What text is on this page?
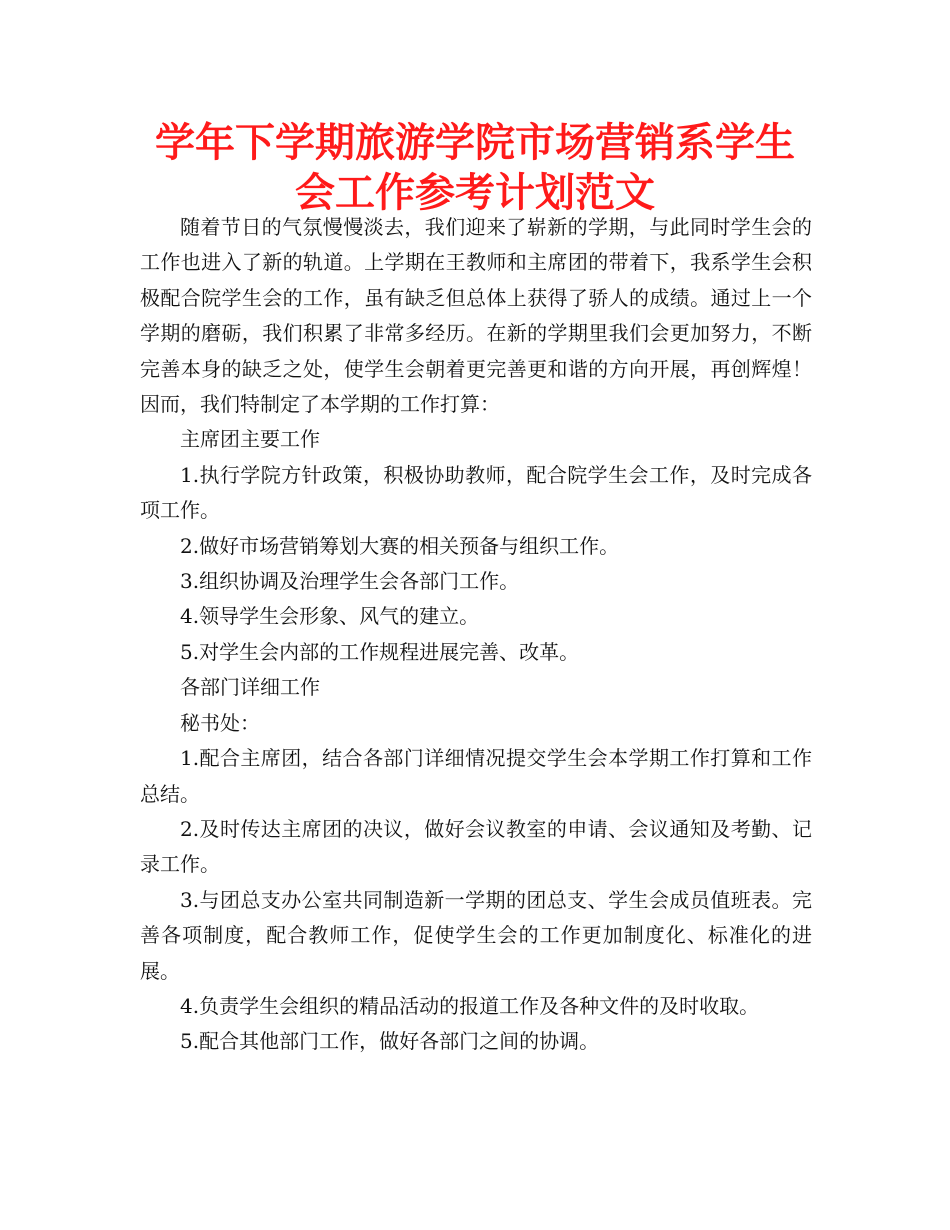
学年下学期旅游学院市场营销系学生会工作参考计划范文

随着节日的气氛慢慢淡去，我们迎来了崭新的学期，与此同时学生会的工作也进入了新的轨道。上学期在王教师和主席团的带着下，我系学生会积极配合院学生会的工作，虽有缺乏但总体上获得了骄人的成绩。通过上一个学期的磨砺，我们积累了非常多经历。在新的学期里我们会更加努力，不断完善本身的缺乏之处，使学生会朝着更完善更和谐的方向开展，再创辉煌！因而，我们特制定了本学期的工作打算：

主席团主要工作

1.执行学院方针政策，积极协助教师，配合院学生会工作，及时完成各项工作。

2.做好市场营销筹划大赛的相关预备与组织工作。

3.组织协调及治理学生会各部门工作。

4.领导学生会形象、风气的建立。

5.对学生会内部的工作规程进展完善、改革。

各部门详细工作

秘书处：

1.配合主席团，结合各部门详细情况提交学生会本学期工作打算和工作总结。

2.及时传达主席团的决议，做好会议教室的申请、会议通知及考勤、记录工作。

3.与团总支办公室共同制造新一学期的团总支、学生会成员值班表。完善各项制度，配合教师工作，促使学生会的工作更加制度化、标准化的进展。

4.负责学生会组织的精品活动的报道工作及各种文件的及时收取。

5.配合其他部门工作，做好各部门之间的协调。
